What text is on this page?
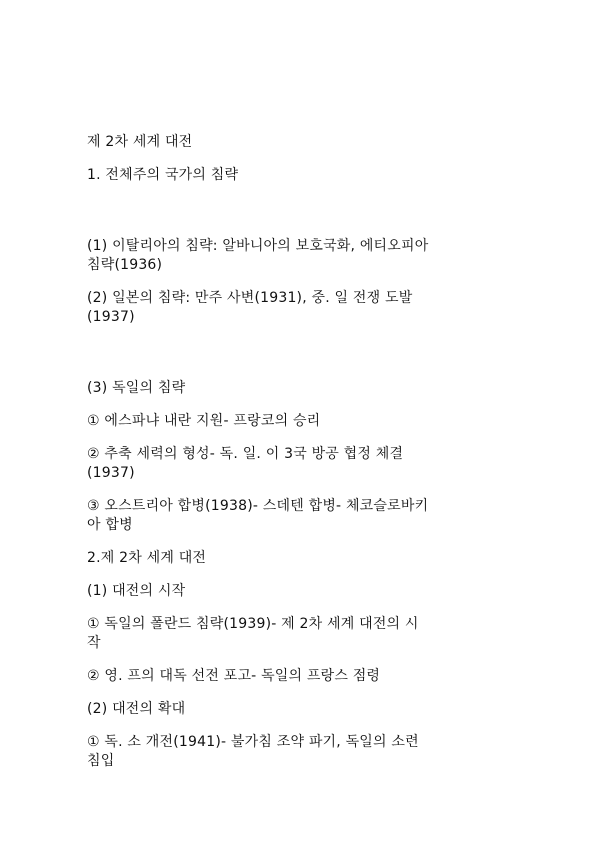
제 2차 세계 대전
1. 전체주의 국가의 침략
(1) 이탈리아의 침략: 알바니아의 보호국화, 에티오피아
침략(1936)
(2) 일본의 침략: 만주 사변(1931), 중. 일 전쟁 도발
(1937)
(3) 독일의 침략
① 에스파냐 내란 지원- 프랑코의 승리
② 추축 세력의 형성- 독. 일. 이 3국 방공 협정 체결
(1937)
③ 오스트리아 합병(1938)- 스데텐 합병- 체코슬로바키
아 합병
2.제 2차 세계 대전
(1) 대전의 시작
① 독일의 폴란드 침략(1939)- 제 2차 세계 대전의 시
작
② 영. 프의 대독 선전 포고- 독일의 프랑스 점령
(2) 대전의 확대
① 독. 소 개전(1941)- 불가침 조약 파기, 독일의 소련
침입
